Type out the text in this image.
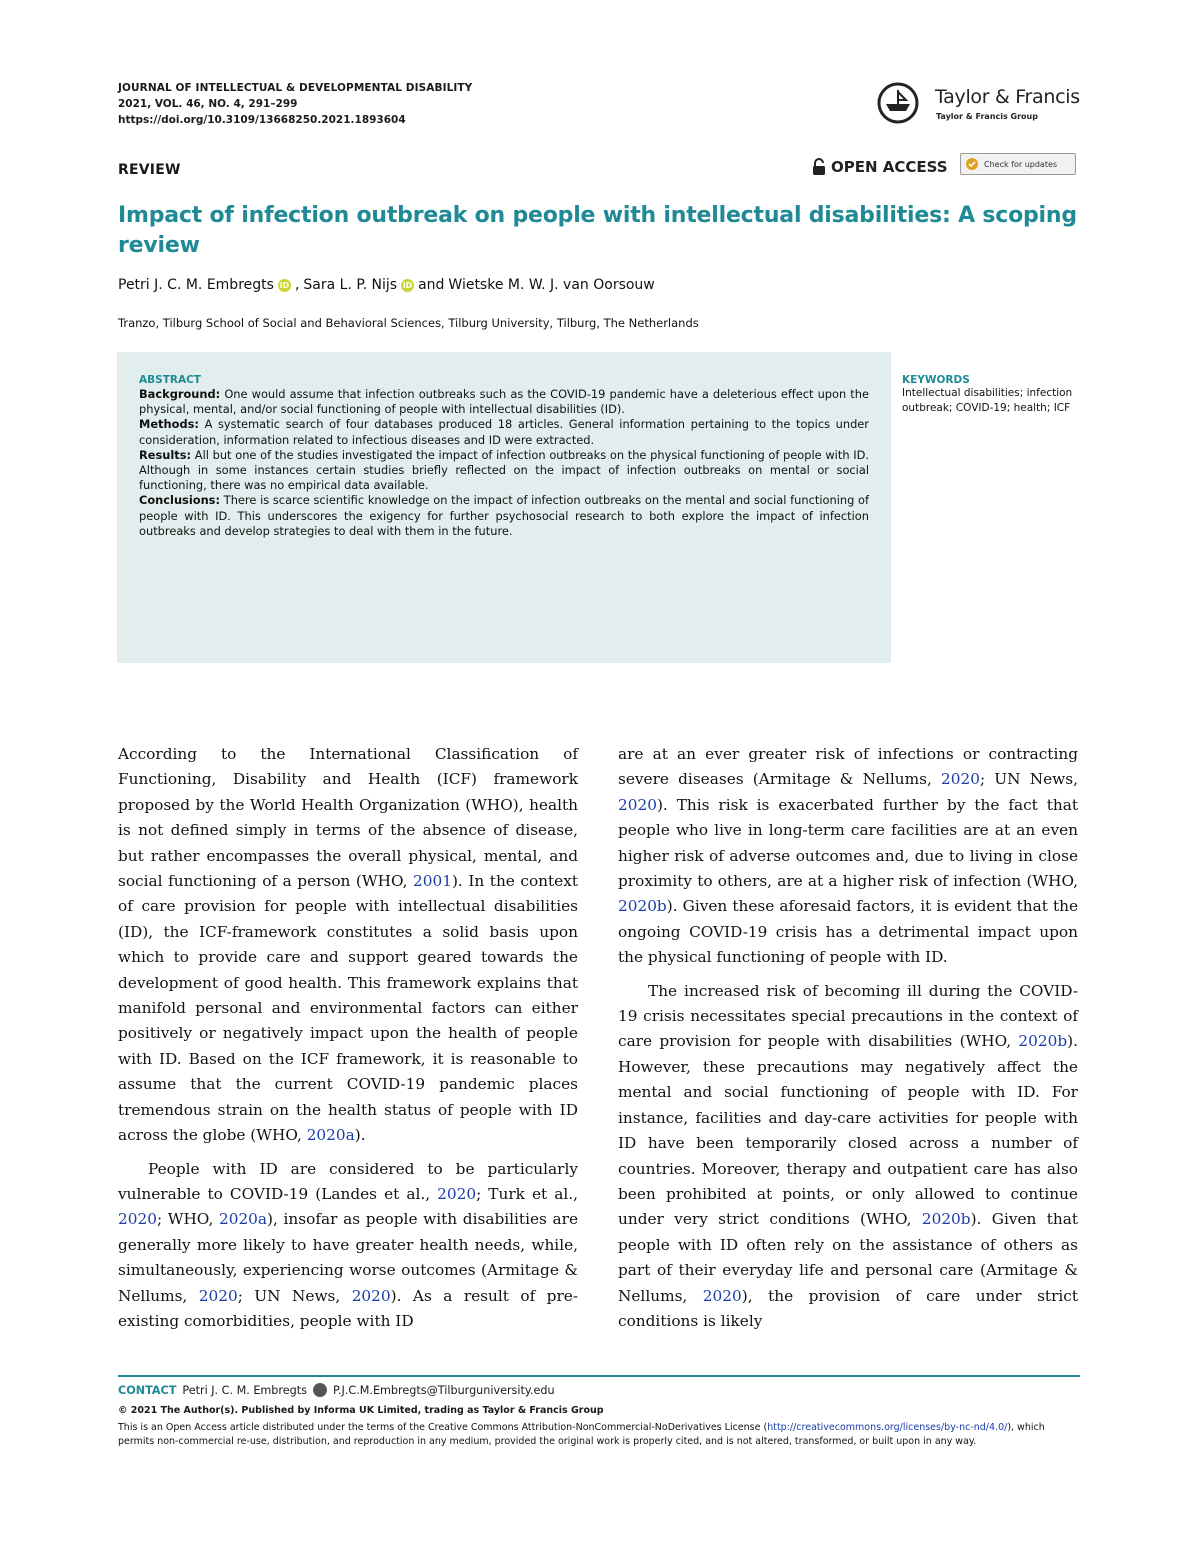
JOURNAL OF INTELLECTUAL & DEVELOPMENTAL DISABILITY
2021, VOL. 46, NO. 4, 291–299
https://doi.org/10.3109/13668250.2021.1893604
Taylor & Francis
Taylor & Francis Group
REVIEW	OPEN ACCESS	Check for updates
Impact of infection outbreak on people with intellectual disabilities: A scoping review
Petri J. C. M. Embregts iD , Sara L. P. Nijs iD and Wietske M. W. J. van Oorsouw
Tranzo, Tilburg School of Social and Behavioral Sciences, Tilburg University, Tilburg, The Netherlands
ABSTRACT

Background: One would assume that infection outbreaks such as the COVID-19 pandemic have a deleterious effect upon the physical, mental, and/or social functioning of people with intellectual disabilities (ID).

Methods: A systematic search of four databases produced 18 articles. General information pertaining to the topics under consideration, information related to infectious diseases and ID were extracted.

Results: All but one of the studies investigated the impact of infection outbreaks on the physical functioning of people with ID. Although in some instances certain studies briefly reflected on the impact of infection outbreaks on mental or social functioning, there was no empirical data available.

Conclusions: There is scarce scientific knowledge on the impact of infection outbreaks on the mental and social functioning of people with ID. This underscores the exigency for further psychosocial research to both explore the impact of infection outbreaks and develop strategies to deal with them in the future.

KEYWORDS
Intellectual disabilities; infection outbreak; COVID-19; health; ICF

According to the International Classification of Functioning, Disability and Health (ICF) framework proposed by the World Health Organization (WHO), health is not defined simply in terms of the absence of disease, but rather encompasses the overall physical, mental, and social functioning of a person (WHO, 2001). In the context of care provision for people with intellectual disabilities (ID), the ICF-framework constitutes a solid basis upon which to provide care and support geared towards the development of good health. This framework explains that manifold personal and environmental factors can either positively or negatively impact upon the health of people with ID. Based on the ICF framework, it is reasonable to assume that the current COVID-19 pandemic places tremendous strain on the health status of people with ID across the globe (WHO, 2020a).

People with ID are considered to be particularly vulnerable to COVID-19 (Landes et al., 2020; Turk et al., 2020; WHO, 2020a), insofar as people with disabilities are generally more likely to have greater health needs, while, simultaneously, experiencing worse outcomes (Armitage & Nellums, 2020; UN News, 2020). As a result of pre-existing comorbidities, people with ID

are at an ever greater risk of infections or contracting severe diseases (Armitage & Nellums, 2020; UN News, 2020). This risk is exacerbated further by the fact that people who live in long-term care facilities are at an even higher risk of adverse outcomes and, due to living in close proximity to others, are at a higher risk of infection (WHO, 2020b). Given these aforesaid factors, it is evident that the ongoing COVID-19 crisis has a detrimental impact upon the physical functioning of people with ID.

The increased risk of becoming ill during the COVID-19 crisis necessitates special precautions in the context of care provision for people with disabilities (WHO, 2020b). However, these precautions may negatively affect the mental and social functioning of people with ID. For instance, facilities and day-care activities for people with ID have been temporarily closed across a number of countries. Moreover, therapy and outpatient care has also been prohibited at points, or only allowed to continue under very strict conditions (WHO, 2020b). Given that people with ID often rely on the assistance of others as part of their everyday life and personal care (Armitage & Nellums, 2020), the provision of care under strict conditions is likely

CONTACT Petri J. C. M. Embregts P.J.C.M.Embregts@Tilburguniversity.edu
© 2021 The Author(s). Published by Informa UK Limited, trading as Taylor & Francis Group
This is an Open Access article distributed under the terms of the Creative Commons Attribution-NonCommercial-NoDerivatives License (http://creativecommons.org/licenses/by-nc-nd/4.0/), which permits non-commercial re-use, distribution, and reproduction in any medium, provided the original work is properly cited, and is not altered, transformed, or built upon in any way.
